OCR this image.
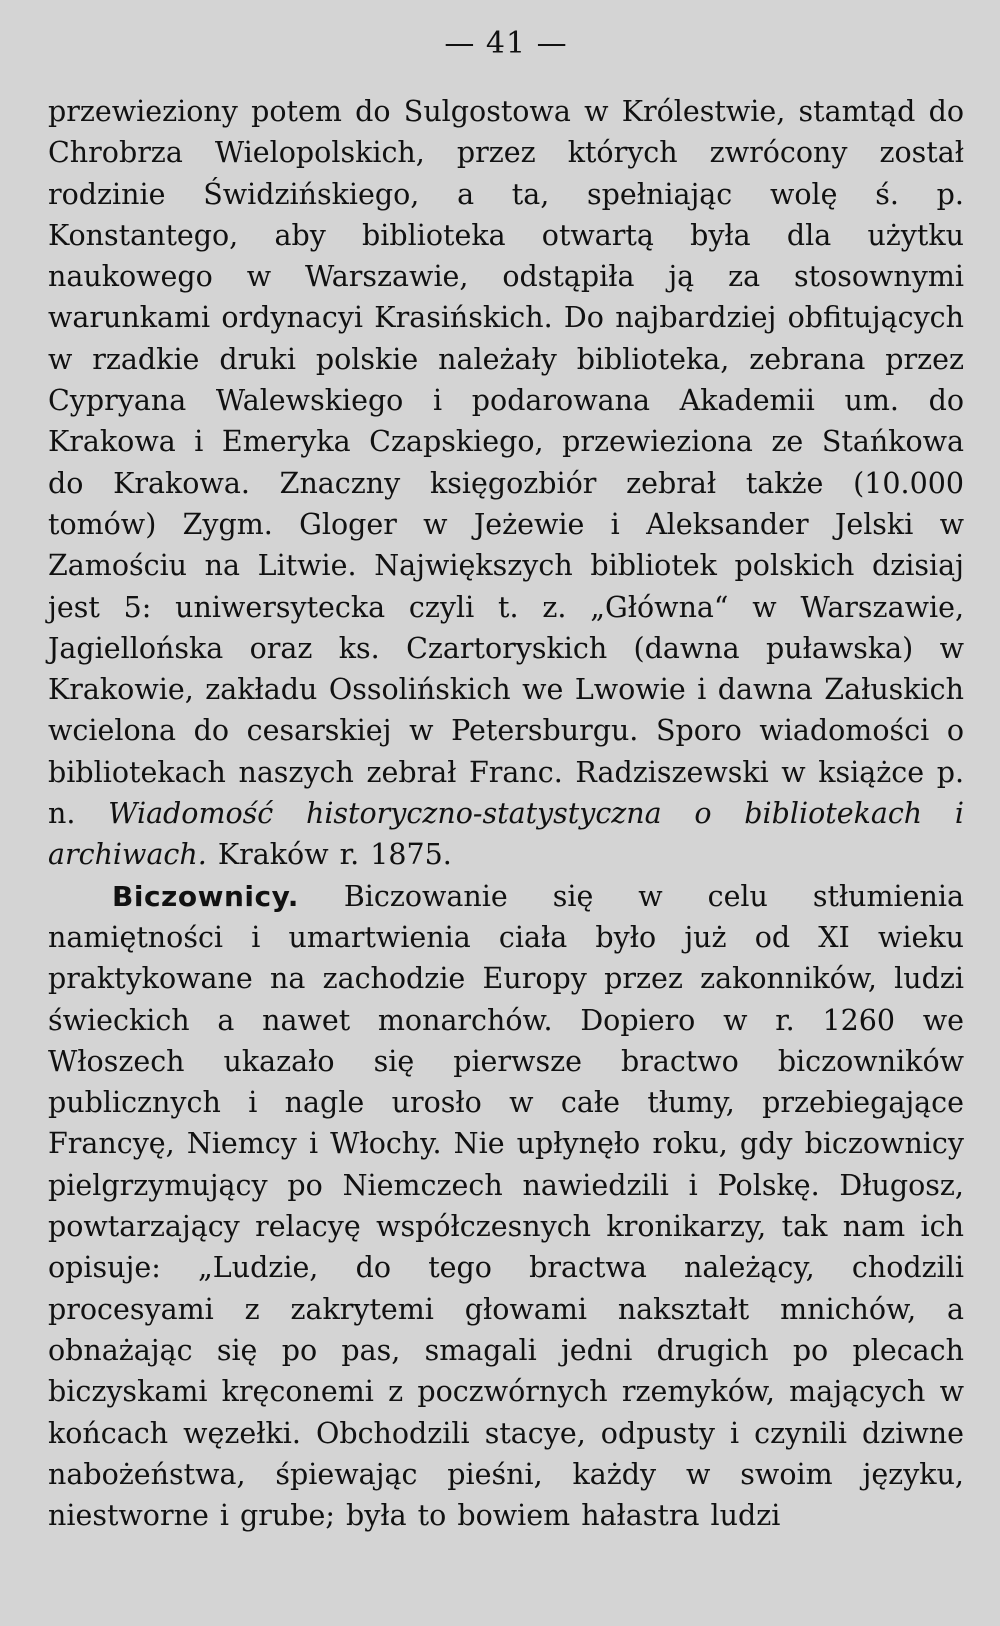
— 41 —

przewieziony potem do Sulgostowa w Królestwie, stamtąd do Chrobrza Wielopolskich, przez których zwrócony został rodzinie Świdzińskiego, a ta, spełniając wolę ś. p. Konstantego, aby biblioteka otwartą była dla użytku naukowego w Warszawie, odstąpiła ją za stosownymi warunkami ordynacyi Krasińskich. Do najbardziej obfitujących w rzadkie druki polskie należały biblioteka, zebrana przez Cypryana Walewskiego i podarowana Akademii um. do Krakowa i Emeryka Czapskiego, przewieziona ze Stańkowa do Krakowa. Znaczny księgozbiór zebrał także (10.000 tomów) Zygm. Gloger w Jeżewie i Aleksander Jelski w Zamościu na Litwie. Największych bibliotek polskich dzisiaj jest 5: uniwersytecka czyli t. z. „Główna“ w Warszawie, Jagiellońska oraz ks. Czartoryskich (dawna puławska) w Krakowie, zakładu Ossolińskich we Lwowie i dawna Załuskich wcielona do cesarskiej w Petersburgu. Sporo wiadomości o bibliotekach naszych zebrał Franc. Radziszewski w książce p. n. Wiadomość historyczno-statystyczna o bibliotekach i archiwach. Kraków r. 1875.

Biczownicy. Biczowanie się w celu stłumienia namiętności i umartwienia ciała było już od XI wieku praktykowane na zachodzie Europy przez zakonników, ludzi świeckich a nawet monarchów. Dopiero w r. 1260 we Włoszech ukazało się pierwsze bractwo biczowników publicznych i nagle urosło w całe tłumy, przebiegające Francyę, Niemcy i Włochy. Nie upłynęło roku, gdy biczownicy pielgrzymujący po Niemczech nawiedzili i Polskę. Długosz, powtarzający relacyę współczesnych kronikarzy, tak nam ich opisuje: „Ludzie, do tego bractwa należący, chodzili procesyami z zakrytemi głowami nakształt mnichów, a obnażając się po pas, smagali jedni drugich po plecach biczyskami kręconemi z poczwórnych rzemyków, mających w końcach węzełki. Obchodzili stacye, odpusty i czynili dziwne nabożeństwa, śpiewając pieśni, każdy w swoim języku, niestworne i grube; była to bowiem hałastra ludzi
